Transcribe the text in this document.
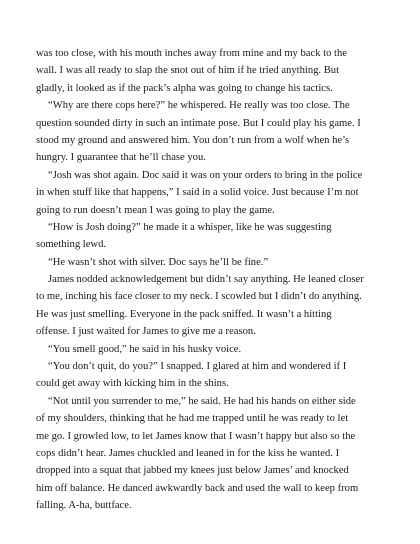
was too close, with his mouth inches away from mine and my back to the
wall. I was all ready to slap the snot out of him if he tried anything. But
gladly, it looked as if the pack’s alpha was going to change his tactics.
“Why are there cops here?” he whispered. He really was too close. The
question sounded dirty in such an intimate pose. But I could play his game. I
stood my ground and answered him. You don’t run from a wolf when he’s
hungry. I guarantee that he’ll chase you.
“Josh was shot again. Doc said it was on your orders to bring in the police
in when stuff like that happens,” I said in a solid voice. Just because I’m not
going to run doesn’t mean I was going to play the game.
“How is Josh doing?” he made it a whisper, like he was suggesting
something lewd.
“He wasn’t shot with silver. Doc says he’ll be fine.”
James nodded acknowledgement but didn’t say anything. He leaned closer
to me, inching his face closer to my neck. I scowled but I didn’t do anything.
He was just smelling. Everyone in the pack sniffed. It wasn’t a hitting
offense. I just waited for James to give me a reason.
“You smell good,” he said in his husky voice.
“You don’t quit, do you?” I snapped. I glared at him and wondered if I
could get away with kicking him in the shins.
“Not until you surrender to me,” he said. He had his hands on either side
of my shoulders, thinking that he had me trapped until he was ready to let
me go. I growled low, to let James know that I wasn’t happy but also so the
cops didn’t hear. James chuckled and leaned in for the kiss he wanted. I
dropped into a squat that jabbed my knees just below James’ and knocked
him off balance. He danced awkwardly back and used the wall to keep from
falling. A-ha, buttface.
